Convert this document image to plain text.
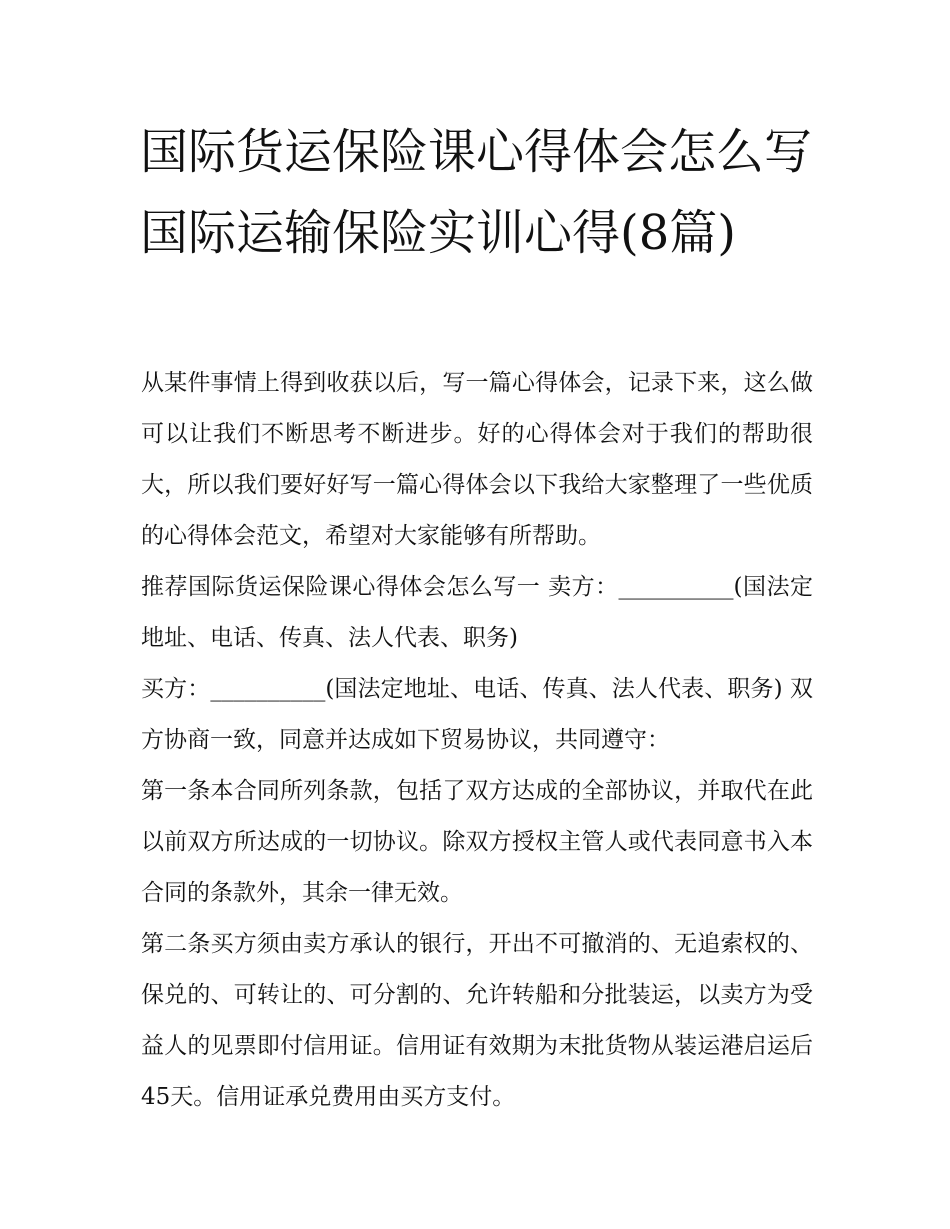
国际货运保险课心得体会怎么写 国际运输保险实训心得(8篇)

从某件事情上得到收获以后，写一篇心得体会，记录下来，这么做可以让我们不断思考不断进步。好的心得体会对于我们的帮助很大，所以我们要好好写一篇心得体会以下我给大家整理了一些优质的心得体会范文，希望对大家能够有所帮助。

推荐国际货运保险课心得体会怎么写一 卖方：__________(国法定地址、电话、传真、法人代表、职务)

买方：__________(国法定地址、电话、传真、法人代表、职务) 双方协商一致，同意并达成如下贸易协议，共同遵守：

第一条本合同所列条款，包括了双方达成的全部协议，并取代在此以前双方所达成的一切协议。除双方授权主管人或代表同意书入本合同的条款外，其余一律无效。

第二条买方须由卖方承认的银行，开出不可撤消的、无追索权的、保兑的、可转让的、可分割的、允许转船和分批装运，以卖方为受益人的见票即付信用证。信用证有效期为末批货物从装运港启运后45天。信用证承兑费用由买方支付。
